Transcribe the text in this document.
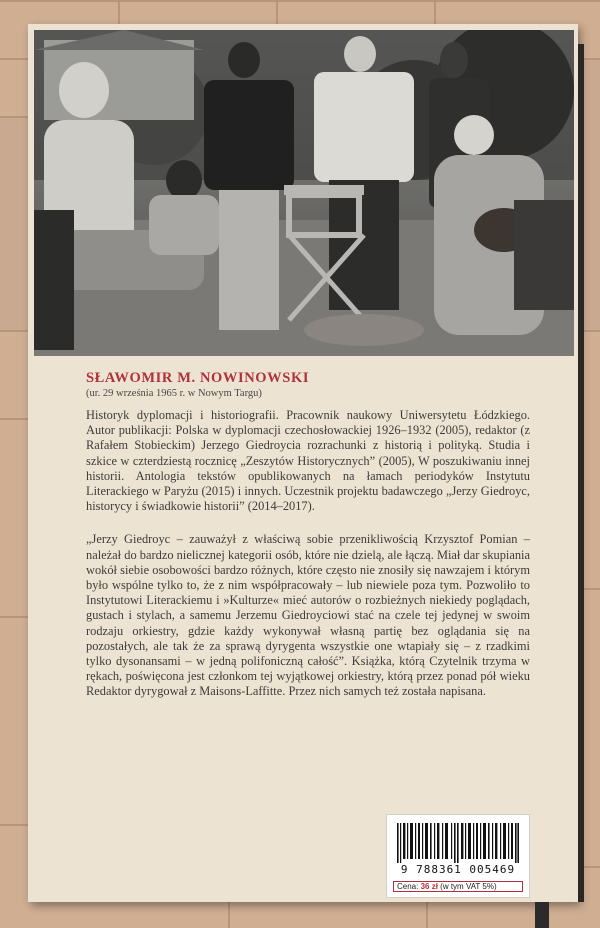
SŁAWOMIR M. NOWINOWSKI

(ur. 29 września 1965 r. w Nowym Targu)

Historyk dyplomacji i historiografii. Pracownik naukowy Uniwersytetu Łódzkiego. Autor publikacji: Polska w dyplomacji czechosłowackiej 1926–1932 (2005), redaktor (z Rafałem Stobieckim) Jerzego Giedroycia rozrachunki z historią i polityką. Studia i szkice w czterdziestą rocznicę „Zeszytów Historycznych” (2005), W poszukiwaniu innej historii. Antologia tekstów opublikowanych na łamach periodyków Instytutu Literackiego w Paryżu (2015) i innych. Uczestnik projektu badawczego „Jerzy Giedroyc, historycy i świadkowie historii” (2014–2017).

„Jerzy Giedroyc – zauważył z właściwą sobie przenikliwością Krzysztof Pomian – należał do bardzo nielicznej kategorii osób, które nie dzielą, ale łączą. Miał dar skupiania wokół siebie osobowości bardzo różnych, które często nie znosiły się nawzajem i którym było wspólne tylko to, że z nim współpracowały – lub niewiele poza tym. Pozwoliło to Instytutowi Literackiemu i »Kulturze« mieć autorów o rozbieżnych niekiedy poglądach, gustach i stylach, a samemu Jerzemu Giedroyciowi stać na czele tej jedynej w swoim rodzaju orkiestry, gdzie każdy wykonywał własną partię bez oglądania się na pozostałych, ale tak że za sprawą dyrygenta wszystkie one wtapiały się – z rzadkimi tylko dysonansami – w jedną polifoniczną całość”. Książka, którą Czytelnik trzyma w rękach, poświęcona jest członkom tej wyjątkowej orkiestry, którą przez ponad pół wieku Redaktor dyrygował z Maisons-Laffitte. Przez nich samych też została napisana.

9 788361 005469
Cena: 36 zł (w tym VAT 5%)
